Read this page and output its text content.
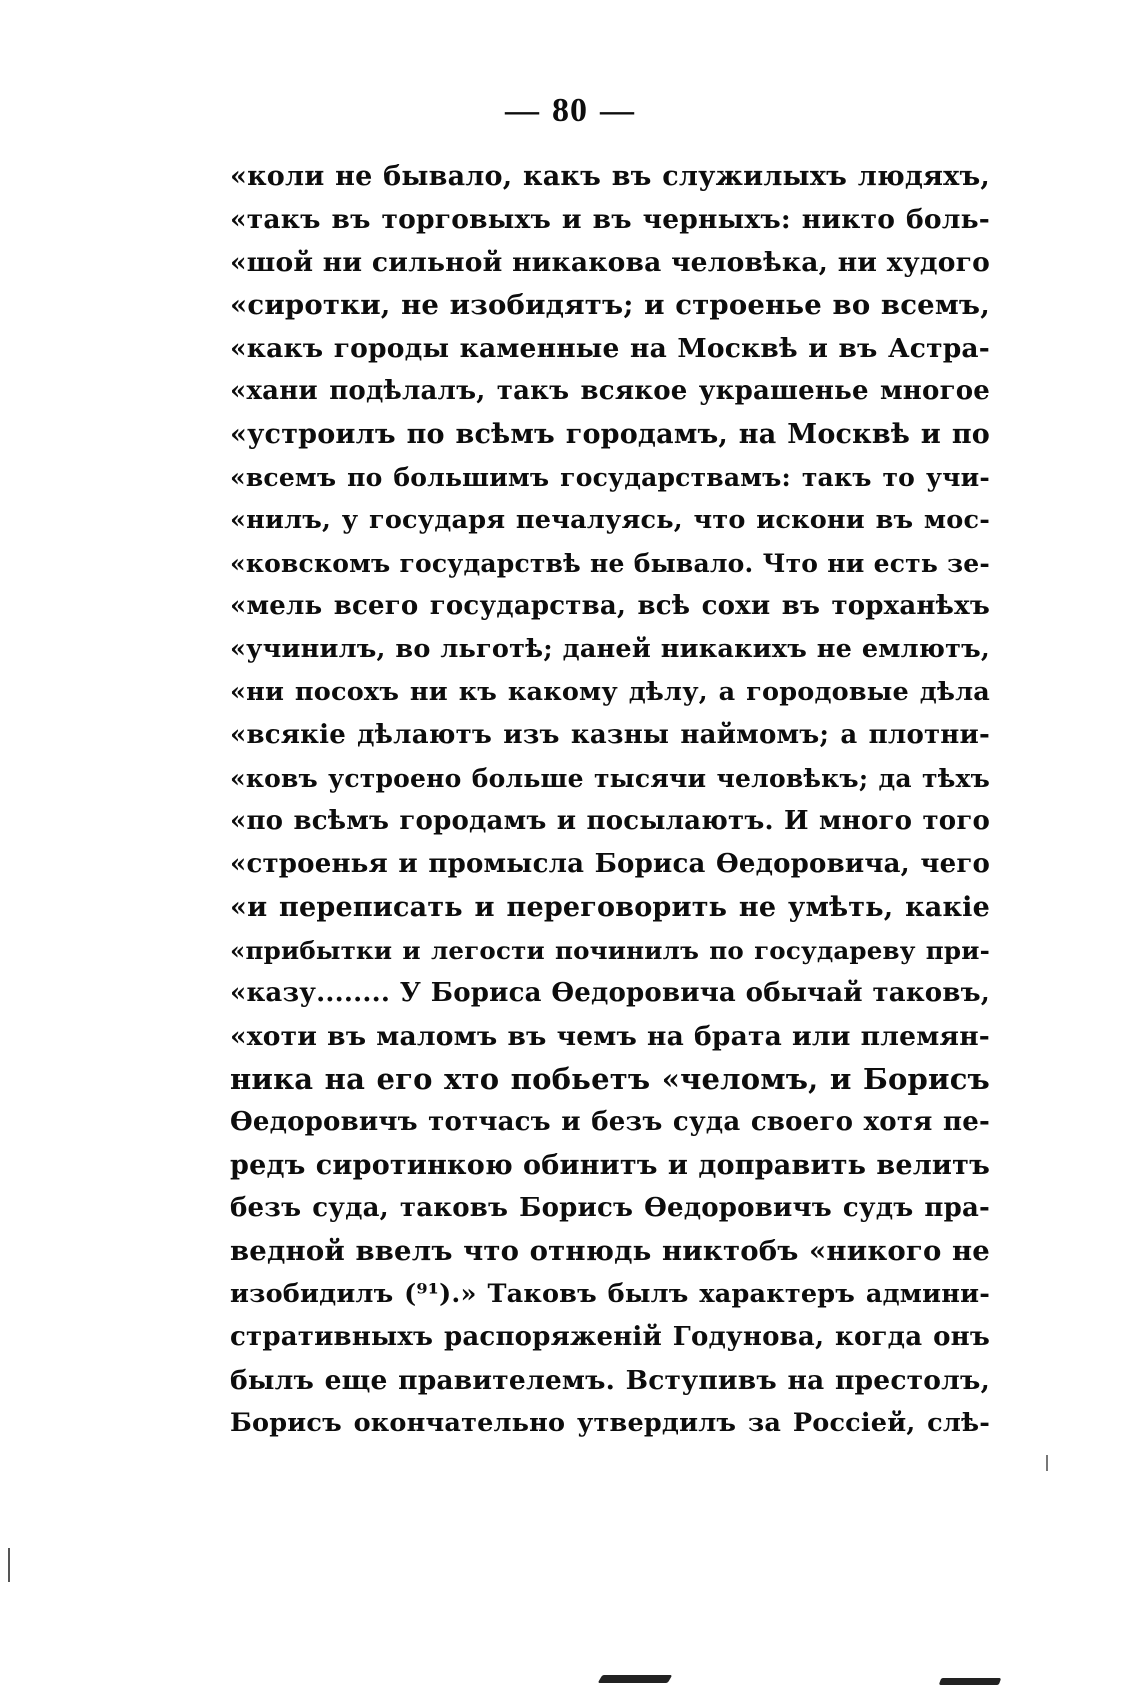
— 80 —
«коли не бывало, какъ въ служилыхъ людяхъ,
«такъ въ торговыхъ и въ черныхъ: никто боль-
«шой ни сильной никакова человѣка, ни худого
«сиротки, не изобидятъ; и строенье во всемъ,
«какъ городы каменные на Москвѣ и въ Астра-
«хани подѣлалъ, такъ всякое украшенье многое
«устроилъ по всѣмъ городамъ, на Москвѣ и по
«всемъ по большимъ государствамъ: такъ то учи-
«нилъ, у государя печалуясь, что искони въ мос-
«ковскомъ государствѣ не бывало. Что ни есть зе-
«мель всего государства, всѣ сохи въ торханѣхъ
«учинилъ, во льготѣ; даней никакихъ не емлютъ,
«ни посохъ ни къ какому дѣлу, а городовые дѣла
«всякіе дѣлаютъ изъ казны наймомъ; а плотни-
«ковъ устроено больше тысячи человѣкъ; да тѣхъ
«по всѣмъ городамъ и посылаютъ. И много того
«строенья и промысла Бориса Өедоровича, чего
«и переписать и переговорить не умѣть, какіе
«прибытки и легости починилъ по государеву при-
«казу........ У Бориса Өедоровича обычай таковъ,
«хоти въ маломъ въ чемъ на брата или племян-
ника на его хто побьетъ «челомъ, и Борисъ
Өедоровичъ тотчасъ и безъ суда своего хотя пе-
редъ сиротинкою обинитъ и доправить велитъ
безъ суда, таковъ Борисъ Өедоровичъ судъ пра-
ведной ввелъ что отнюдь никтобъ «никого не
изобидилъ (⁹¹).» Таковъ былъ характеръ админи-
стративныхъ распоряженій Годунова, когда онъ
былъ еще правителемъ. Вступивъ на престолъ,
Борисъ окончательно утвердилъ за Россіей, слѣ-
